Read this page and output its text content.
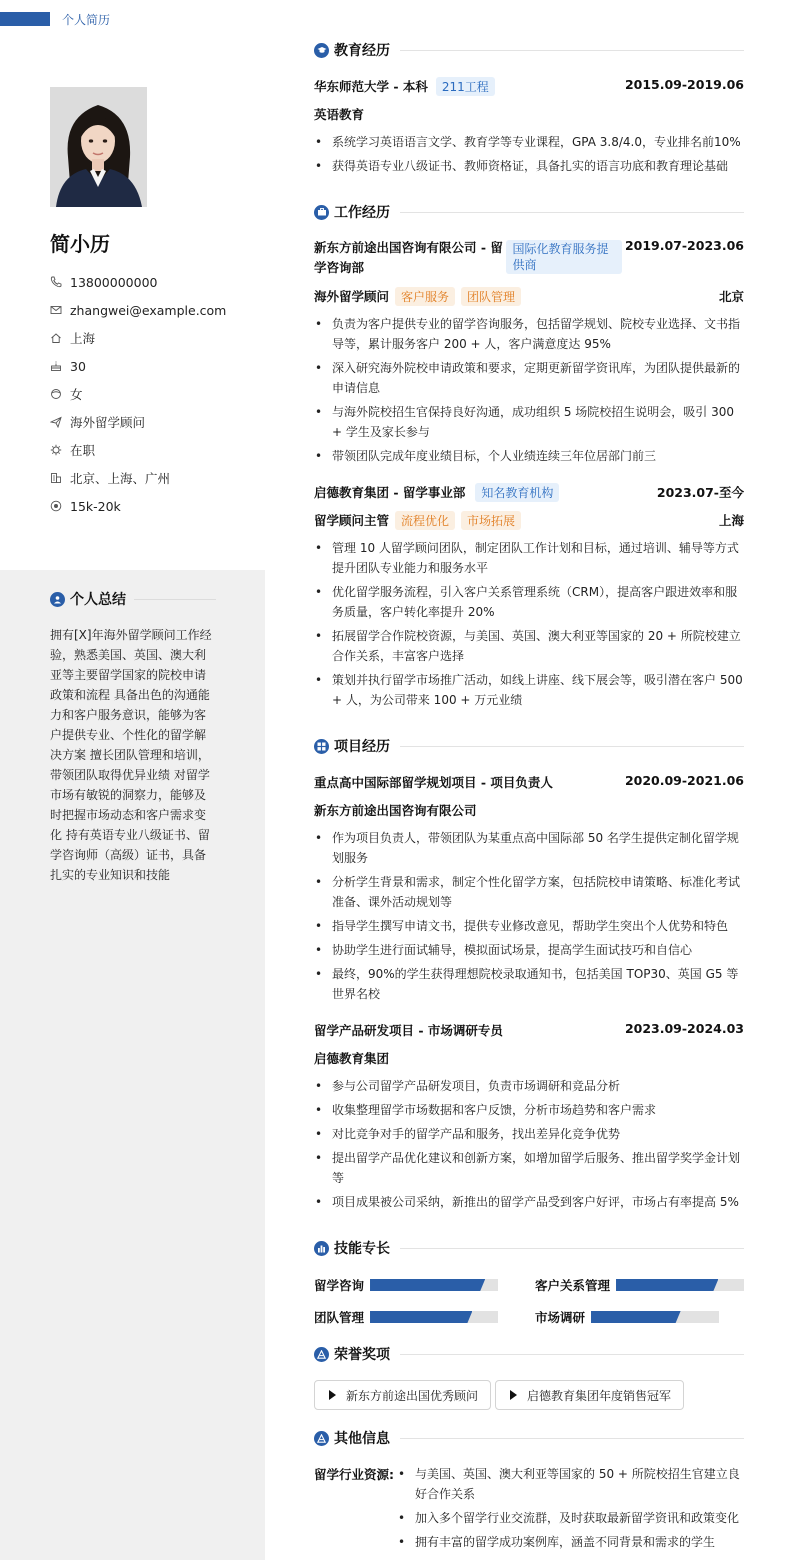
个人简历
简小历
13800000000
zhangwei@example.com
上海
30
女
海外留学顾问
在职
北京、上海、广州
15k-20k
个人总结
拥有[X]年海外留学顾问工作经验，熟悉美国、英国、澳大利亚等主要留学国家的院校申请政策和流程 具备出色的沟通能力和客户服务意识，能够为客户提供专业、个性化的留学解决方案 擅长团队管理和培训，带领团队取得优异业绩 对留学市场有敏锐的洞察力，能够及时把握市场动态和客户需求变化 持有英语专业八级证书、留学咨询师（高级）证书，具备扎实的专业知识和技能
教育经历
华东师范大学 - 本科 211工程	2015.09-2019.06
英语教育
• 系统学习英语语言文学、教育学等专业课程，GPA 3.8/4.0，专业排名前10%
• 获得英语专业八级证书、教师资格证，具备扎实的语言功底和教育理论基础
工作经历
新东方前途出国咨询有限公司 - 留学咨询部
国际化教育服务提供商
2019.07-2023.06
海外留学顾问 客户服务 团队管理	北京
• 负责为客户提供专业的留学咨询服务，包括留学规划、院校专业选择、文书指导等，累计服务客户 200 + 人，客户满意度达 95%
• 深入研究海外院校申请政策和要求，定期更新留学资讯库，为团队提供最新的申请信息
• 与海外院校招生官保持良好沟通，成功组织 5 场院校招生说明会，吸引 300 + 学生及家长参与
• 带领团队完成年度业绩目标，个人业绩连续三年位居部门前三
启德教育集团 - 留学事业部 知名教育机构	2023.07-至今
留学顾问主管 流程优化 市场拓展	上海
• 管理 10 人留学顾问团队，制定团队工作计划和目标，通过培训、辅导等方式提升团队专业能力和服务水平
• 优化留学服务流程，引入客户关系管理系统（CRM），提高客户跟进效率和服务质量，客户转化率提升 20%
• 拓展留学合作院校资源，与美国、英国、澳大利亚等国家的 20 + 所院校建立合作关系，丰富客户选择
• 策划并执行留学市场推广活动，如线上讲座、线下展会等，吸引潜在客户 500 + 人，为公司带来 100 + 万元业绩
项目经历
重点高中国际部留学规划项目 - 项目负责人	2020.09-2021.06
新东方前途出国咨询有限公司
• 作为项目负责人，带领团队为某重点高中国际部 50 名学生提供定制化留学规划服务
• 分析学生背景和需求，制定个性化留学方案，包括院校申请策略、标准化考试准备、课外活动规划等
• 指导学生撰写申请文书，提供专业修改意见，帮助学生突出个人优势和特色
• 协助学生进行面试辅导，模拟面试场景，提高学生面试技巧和自信心
• 最终，90%的学生获得理想院校录取通知书，包括美国 TOP30、英国 G5 等世界名校
留学产品研发项目 - 市场调研专员	2023.09-2024.03
启德教育集团
• 参与公司留学产品研发项目，负责市场调研和竞品分析
• 收集整理留学市场数据和客户反馈，分析市场趋势和客户需求
• 对比竞争对手的留学产品和服务，找出差异化竞争优势
• 提出留学产品优化建议和创新方案，如增加留学后服务、推出留学奖学金计划等
• 项目成果被公司采纳，新推出的留学产品受到客户好评，市场占有率提高 5%
技能专长
留学咨询	客户关系管理
团队管理	市场调研
荣誉奖项
新东方前途出国优秀顾问	启德教育集团年度销售冠军
其他信息
留学行业资源:
•	与美国、英国、澳大利亚等国家的 50 + 所院校招生官建立良好合作关系
• 加入多个留学行业交流群，及时获取最新留学资讯和政策变化
• 拥有丰富的留学成功案例库，涵盖不同背景和需求的学生
